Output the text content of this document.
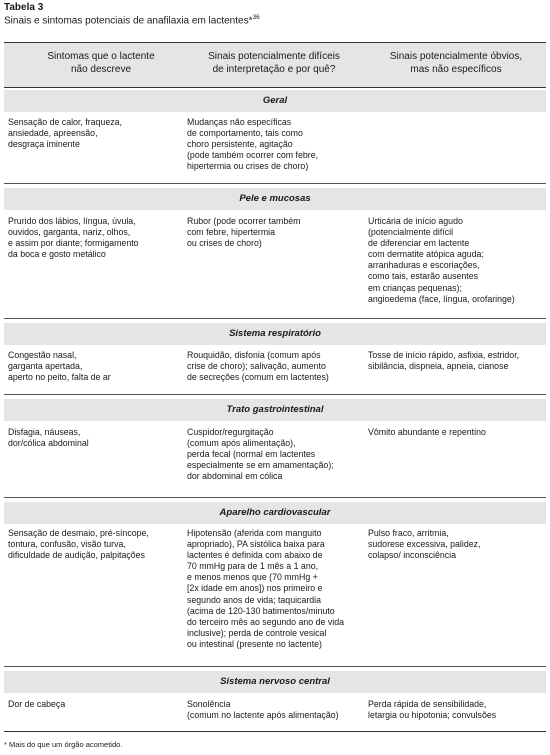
Tabela 3
Sinais e sintomas potenciais de anafilaxia em lactentes*$^{36}$
Sintomas que o lactente
não descreve
Sinais potencialmente difíceis
de interpretação e por quê?
Sinais potencialmente óbvios,
mas não específicos
Geral
Sensação de calor, fraqueza,
ansiedade, apreensão,
desgraça iminente
Mudanças não específicas
de comportamento, tais como
choro persistente, agitação
(pode também ocorrer com febre,
hipertermia ou crises de choro)
Pele e mucosas
Prurido dos lábios, língua, úvula,
ouvidos, garganta, nariz, olhos,
e assim por diante; formigamento
da boca e gosto metálico
Rubor (pode ocorrer também
com febre, hipertermia
ou crises de choro)
Urticária de início agudo
(potencialmente difícil
de diferenciar em lactente
com dermatite atópica aguda;
arranhaduras e escoriações,
como tais, estarão ausentes
em crianças pequenas);
angioedema (face, língua, orofaringe)
Sistema respiratório
Congestão nasal,
garganta apertada,
aperto no peito, falta de ar
Rouquidão, disfonia (comum após
crise de choro); salivação, aumento
de secreções (comum em lactentes)
Tosse de início rápido, asfixia, estridor,
sibilância, dispneia, apneia, cianose
Trato gastrointestinal
Disfagia, náuseas,
dor/cólica abdominal
Cuspidor/regurgitação
(comum após alimentação),
perda fecal (normal em lactentes
especialmente se em amamentação);
dor abdominal em cólica
Vômito abundante e repentino
Aparelho cardiovascular
Sensação de desmaio, pré-síncope,
tontura, confusão, visão turva,
dificuldade de audição, palpitações
Hipotensão (aferida com manguito
apropriado), PA sistólica baixa para
lactentes é definida com abaixo de
70 mmHg para de 1 mês a 1 ano,
e menos menos que (70 mmHg +
[2x idade em anos]) nos primeiro e
segundo anos de vida; taquicardia
(acima de 120-130 batimentos/minuto
do terceiro mês ao segundo ano de vida
inclusive); perda de controle vesical
ou intestinal (presente no lactente)
Pulso fraco, arritmia,
sudorese excessiva, palidez,
colapso/ inconsciência
Sistema nervoso central
Dor de cabeça	Sonolência
(comum no lactente após alimentação)
Perda rápida de sensibilidade,
letargia ou hipotonia; convulsões
* Mais do que um órgão acometido.
